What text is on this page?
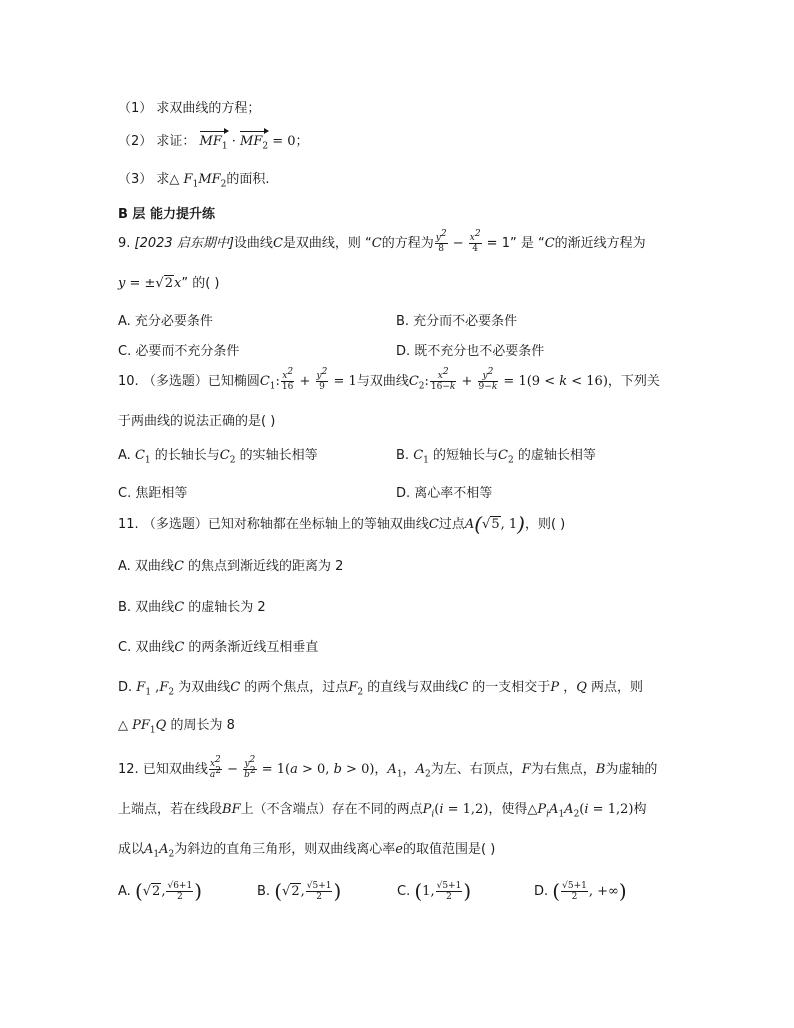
（1） 求双曲线的方程；
（2） 求证： $MF_1 \cdot MF_2 = 0$；
（3） 求△ $F_1MF_2$的面积.
B 层 能力提升练
9. [2023 启东期中]设曲线C是双曲线，则 “C的方程为 $\frac{y^2}{8} - \frac{x^2}{4} = 1$” 是 “C的渐近线方程为
y = ±√2x” 的( )
A. 充分必要条件	B. 充分而不必要条件
C. 必要而不充分条件	D. 既不充分也不必要条件
10. （多选题）已知椭圆$C_1$: $\frac{x^2}{16} + \frac{y^2}{9} = 1$与双曲线$C_2$: $\frac{x^2}{16-k} + \frac{y^2}{9-k} = 1(9 < k < 16)$，下列关
于两曲线的说法正确的是( )
A. $C_1$ 的长轴长与$C_2$ 的实轴长相等	B. $C_1$ 的短轴长与$C_2$ 的虚轴长相等
C. 焦距相等	D. 离心率不相等
11. （多选题）已知对称轴都在坐标轴上的等轴双曲线C过点A(√5, 1)，则( )
A. 双曲线C 的焦点到渐近线的距离为 2
B. 双曲线C 的虚轴长为 2
C. 双曲线C 的两条渐近线互相垂直
D. $F_1$ $,F_2$ 为双曲线C 的两个焦点，过点$F_2$ 的直线与双曲线C 的一支相交于P ，Q 两点，则
△ $PF_1Q$ 的周长为 8
12. 已知双曲线 $\frac{x^2}{a^2} - \frac{y^2}{b^2} = 1(a > 0$, b > 0)，$A_1$，$A_2$为左、右顶点，F为右焦点，B为虚轴的
上端点，若在线段BF上（不含端点）存在不同的两点$P_i(i = 1,2)$，使得$\triangle P_iA_1A_2(i = 1,2)$构
成以$A_1A_2$为斜边的直角三角形，则双曲线离心率e的取值范围是( )
A. (√2, $\frac{√6+1}{2}$ )	B. (√2, $\frac{√5+1}{2}$ )	C. (1, $\frac{√5+1}{2}$ )	D. ( $\frac{√5+1}{2}$ , +∞)
